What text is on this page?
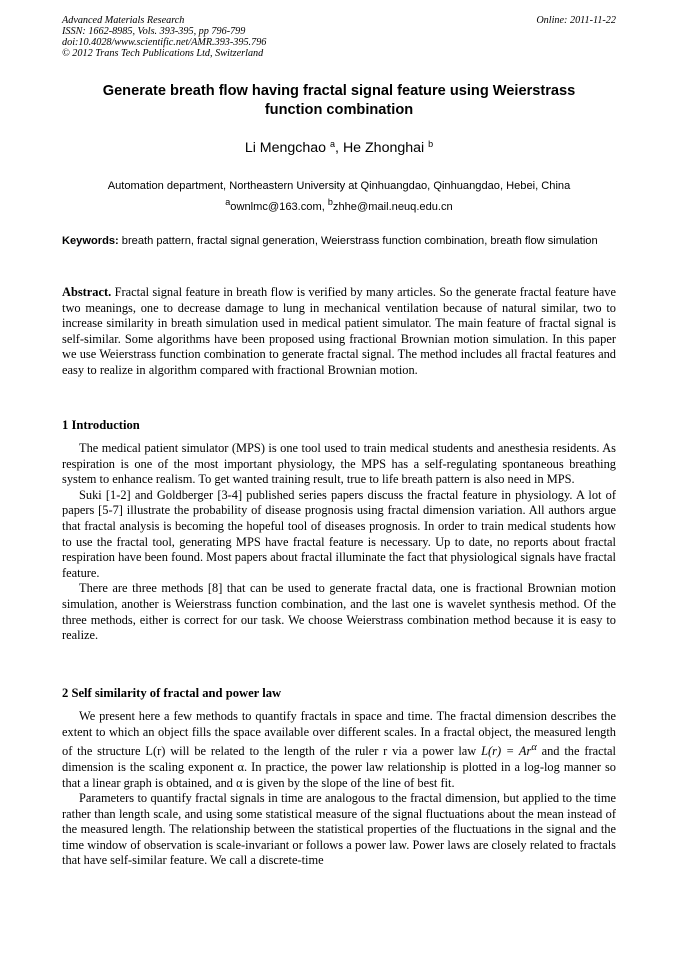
Advanced Materials Research
ISSN: 1662-8985, Vols. 393-395, pp 796-799
doi:10.4028/www.scientific.net/AMR.393-395.796
© 2012 Trans Tech Publications Ltd, Switzerland
Online: 2011-11-22
Generate breath flow having fractal signal feature using Weierstrass
function combination
Li Mengchao $^a$, He Zhonghai $^b$
Automation department, Northeastern University at Qinhuangdao, Qinhuangdao, Hebei, China
$^a$ownlmc@163.com, $^b$zhhe@mail.neuq.edu.cn
Keywords: breath pattern, fractal signal generation, Weierstrass function combination, breath flow simulation
Abstract. Fractal signal feature in breath flow is verified by many articles. So the generate fractal feature have two meanings, one to decrease damage to lung in mechanical ventilation because of natural similar, two to increase similarity in breath simulation used in medical patient simulator. The main feature of fractal signal is self-similar. Some algorithms have been proposed using fractional Brownian motion simulation. In this paper we use Weierstrass function combination to generate fractal signal. The method includes all fractal features and easy to realize in algorithm compared with fractional Brownian motion.
1 Introduction

The medical patient simulator (MPS) is one tool used to train medical students and anesthesia residents. As respiration is one of the most important physiology, the MPS has a self-regulating spontaneous breathing system to enhance realism. To get wanted training result, true to life breath pattern is also need in MPS.

Suki [1-2] and Goldberger [3-4] published series papers discuss the fractal feature in physiology. A lot of papers [5-7] illustrate the probability of disease prognosis using fractal dimension variation. All authors argue that fractal analysis is becoming the hopeful tool of diseases prognosis. In order to train medical students how to use the fractal tool, generating MPS have fractal feature is necessary. Up to date, no reports about fractal respiration have been found. Most papers about fractal illuminate the fact that physiological signals have fractal feature.

There are three methods [8] that can be used to generate fractal data, one is fractional Brownian motion simulation, another is Weierstrass function combination, and the last one is wavelet synthesis method. Of the three methods, either is correct for our task. We choose Weierstrass combination method because it is easy to realize.

2 Self similarity of fractal and power law

We present here a few methods to quantify fractals in space and time. The fractal dimension describes the extent to which an object fills the space available over different scales. In a fractal object, the measured length of the structure L(r) will be related to the length of the ruler r via a power law $L(r) = Ar^\alpha$ and the fractal dimension is the scaling exponent α. In practice, the power law relationship is plotted in a log-log manner so that a linear graph is obtained, and α is given by the slope of the line of best fit.

Parameters to quantify fractal signals in time are analogous to the fractal dimension, but applied to the time rather than length scale, and using some statistical measure of the signal fluctuations about the mean instead of the measured length. The relationship between the statistical properties of the fluctuations in the signal and the time window of observation is scale-invariant or follows a power law. Power laws are closely related to fractals that have self-similar feature. We call a discrete-time
